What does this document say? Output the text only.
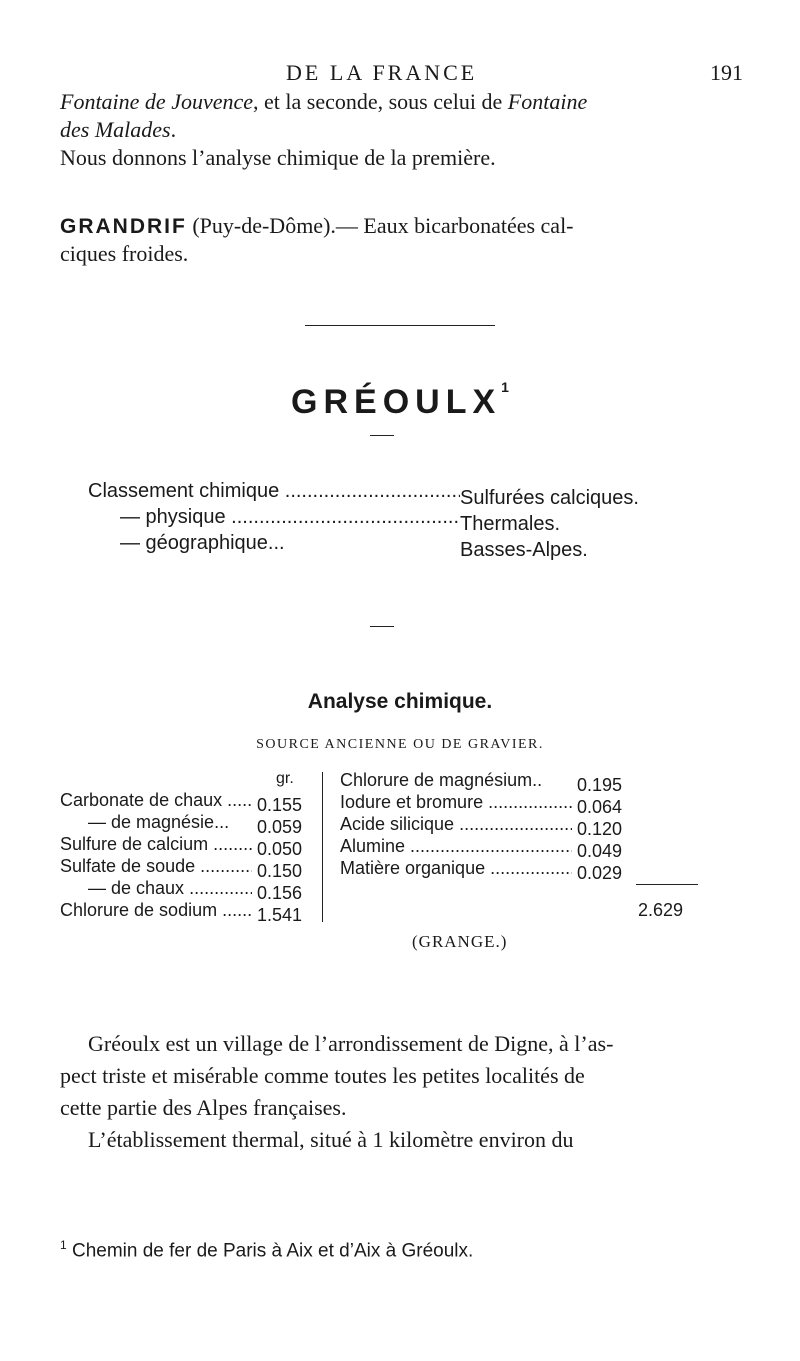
DE LA FRANCE	191
Fontaine de Jouvence, et la seconde, sous celui de Fontaine
des Malades.
Nous donnons l’analyse chimique de la première.
GRANDRIF (Puy-de-Dôme).— Eaux bicarbonatées cal-
ciques froides.
GRÉOULX$^1$
Classement chimique .....	Sulfurées calciques.
— physique .....	Thermales.
— géographique...	Basses-Alpes.
Analyse chimique.
SOURCE ANCIENNE OU DE GRAVIER.
gr.
Carbonate de chaux ..... 0.155
— de magnésie... 0.059
Sulfure de calcium .....	0.050
Sulfate de soude .....	0.150
— de chaux .....	0.156
Chlorure de sodium ..... 1.541
Chlorure de magnésium.. 0.195
Iodure et bromure .....	0.064
Acide silicique .....	0.120
Alumine .....	0.049
Matière organique .....	0.029
2.629
(GRANGE.)
Gréoulx est un village de l’arrondissement de Digne, à l’as-
pect triste et misérable comme toutes les petites localités de
cette partie des Alpes françaises.
L’établissement thermal, situé à 1 kilomètre environ du
$^1$ Chemin de fer de Paris à Aix et d’Aix à Gréoulx.
